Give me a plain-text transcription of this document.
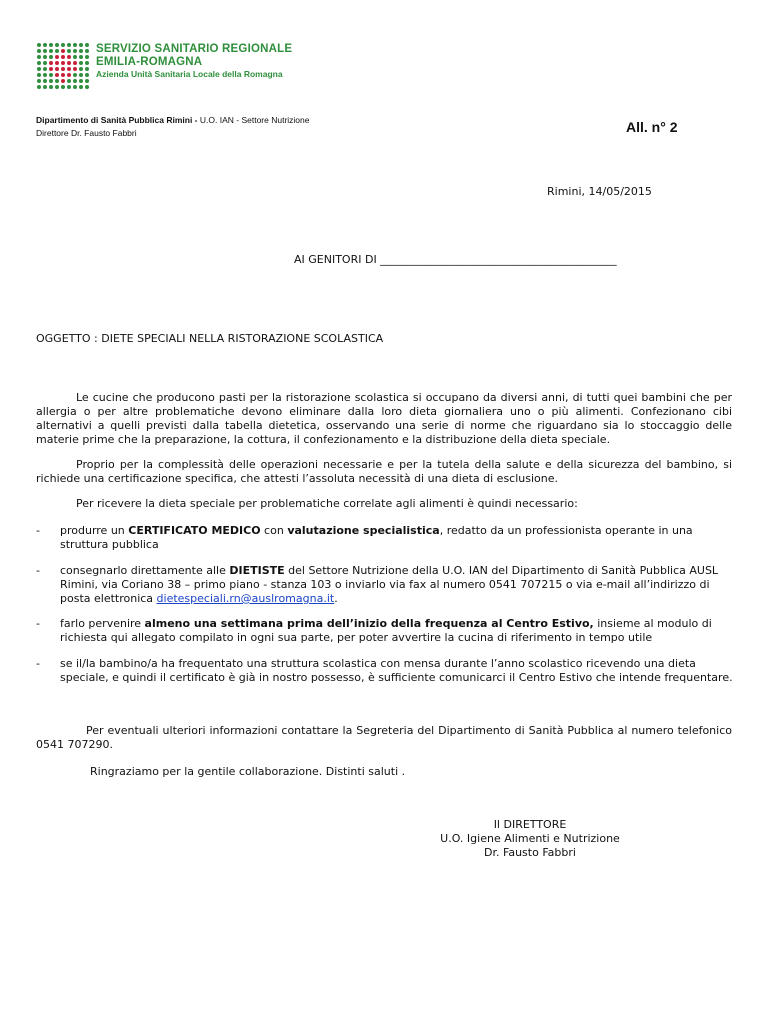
SERVIZIO SANITARIO REGIONALE
EMILIA-ROMAGNA
Azienda Unità Sanitaria Locale della Romagna
Dipartimento di Sanità Pubblica Rimini - U.O. IAN - Settore Nutrizione
Direttore Dr. Fausto Fabbri	All. n° 2
Rimini, 14/05/2015
AI GENITORI DI ___________________________________________
OGGETTO : DIETE SPECIALI NELLA RISTORAZIONE SCOLASTICA
Le cucine che producono pasti per la ristorazione scolastica si occupano da diversi anni, di tutti quei bambini che per allergia o per altre problematiche devono eliminare dalla loro dieta giornaliera uno o più alimenti. Confezionano cibi alternativi a quelli previsti dalla tabella dietetica, osservando una serie di norme che riguardano sia lo stoccaggio delle materie prime che la preparazione, la cottura, il confezionamento e la distribuzione della dieta speciale.
Proprio per la complessità delle operazioni necessarie e per la tutela della salute e della sicurezza del bambino, si richiede una certificazione specifica, che attesti l’assoluta necessità di una dieta di esclusione.
Per ricevere la dieta speciale per problematiche correlate agli alimenti è quindi necessario:
- produrre un CERTIFICATO MEDICO con valutazione specialistica, redatto da un professionista operante in una struttura pubblica
- consegnarlo direttamente alle DIETISTE del Settore Nutrizione della U.O. IAN del Dipartimento di Sanità Pubblica AUSL Rimini, via Coriano 38 – primo piano - stanza 103 o inviarlo via fax al numero 0541 707215 o via e-mail all’indirizzo di posta elettronica dietespeciali.rn@auslromagna.it.
- farlo pervenire almeno una settimana prima dell’inizio della frequenza al Centro Estivo, insieme al modulo di richiesta qui allegato compilato in ogni sua parte, per poter avvertire la cucina di riferimento in tempo utile
- se il/la bambino/a ha frequentato una struttura scolastica con mensa durante l’anno scolastico ricevendo una dieta speciale, e quindi il certificato è già in nostro possesso, è sufficiente comunicarci il Centro Estivo che intende frequentare.
Per eventuali ulteriori informazioni contattare la Segreteria del Dipartimento di Sanità Pubblica al numero telefonico 0541 707290.
Ringraziamo per la gentile collaborazione. Distinti saluti .
Il DIRETTORE
U.O. Igiene Alimenti e Nutrizione
Dr. Fausto Fabbri
